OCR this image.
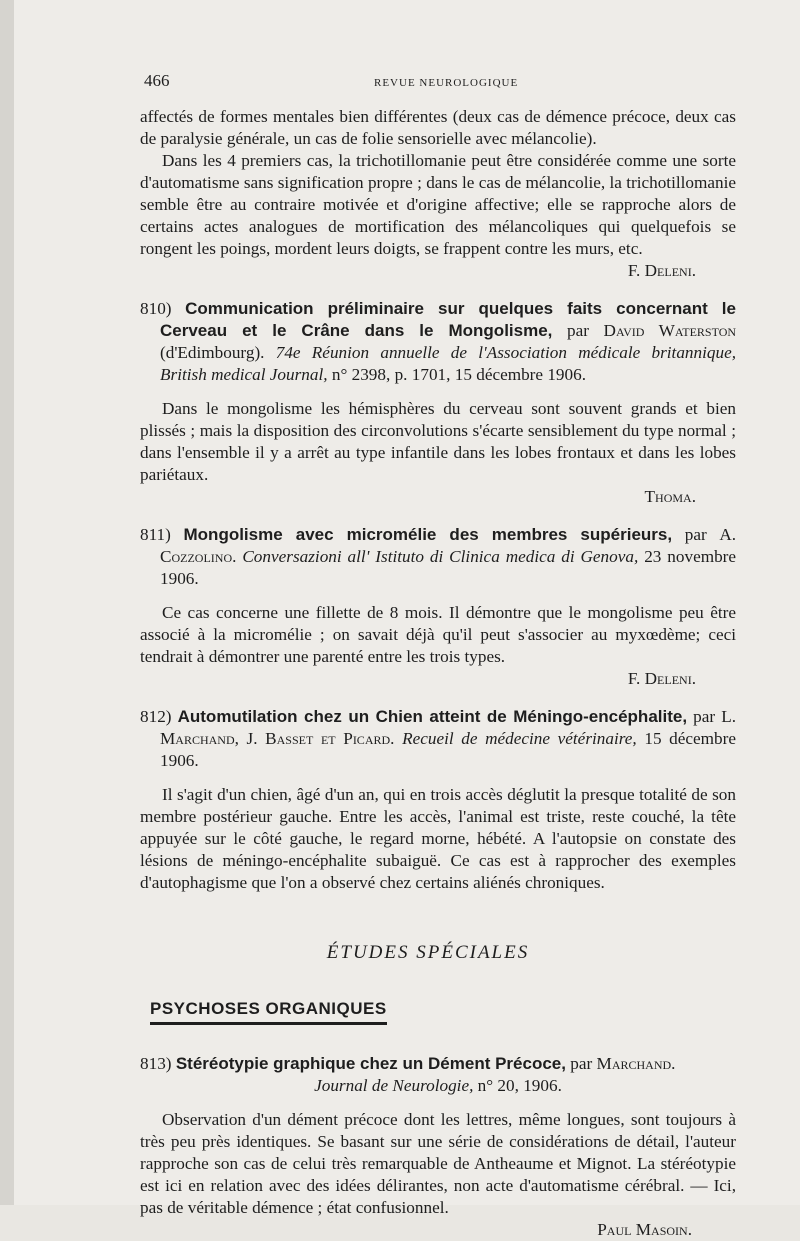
466	REVUE NEUROLOGIQUE

affectés de formes mentales bien différentes (deux cas de démence précoce, deux cas de paralysie générale, un cas de folie sensorielle avec mélancolie).

Dans les 4 premiers cas, la trichotillomanie peut être considérée comme une sorte d'automatisme sans signification propre ; dans le cas de mélancolie, la trichotillomanie semble être au contraire motivée et d'origine affective; elle se rapproche alors de certains actes analogues de mortification des mélancoliques qui quelquefois se rongent les poings, mordent leurs doigts, se frappent contre les murs, etc.

F. Deleni.

810) Communication préliminaire sur quelques faits concernant le Cerveau et le Crâne dans le Mongolisme, par David Waterston (d'Edimbourg). 74e Réunion annuelle de l'Association médicale britannique, British medical Journal, n° 2398, p. 1701, 15 décembre 1906.

Dans le mongolisme les hémisphères du cerveau sont souvent grands et bien plissés ; mais la disposition des circonvolutions s'écarte sensiblement du type normal ; dans l'ensemble il y a arrêt au type infantile dans les lobes frontaux et dans les lobes pariétaux.

Thoma.

811) Mongolisme avec micromélie des membres supérieurs, par A. Cozzolino. Conversazioni all' Istituto di Clinica medica di Genova, 23 novembre 1906.

Ce cas concerne une fillette de 8 mois. Il démontre que le mongolisme peu être associé à la micromélie ; on savait déjà qu'il peut s'associer au myxœdème; ceci tendrait à démontrer une parenté entre les trois types.

F. Deleni.

812) Automutilation chez un Chien atteint de Méningo-encéphalite, par L. Marchand, J. Basset et Picard. Recueil de médecine vétérinaire, 15 décembre 1906.

Il s'agit d'un chien, âgé d'un an, qui en trois accès déglutit la presque totalité de son membre postérieur gauche. Entre les accès, l'animal est triste, reste couché, la tête appuyée sur le côté gauche, le regard morne, hébété. A l'autopsie on constate des lésions de méningo-encéphalite subaiguë. Ce cas est à rapprocher des exemples d'autophagisme que l'on a observé chez certains aliénés chroniques.

ÉTUDES SPÉCIALES
PSYCHOSES ORGANIQUES

813) Stéréotypie graphique chez un Dément Précoce, par Marchand.

Journal de Neurologie, n° 20, 1906.

Observation d'un dément précoce dont les lettres, même longues, sont toujours à très peu près identiques. Se basant sur une série de considérations de détail, l'auteur rapproche son cas de celui très remarquable de Antheaume et Mignot. La stéréotypie est ici en relation avec des idées délirantes, non acte d'automatisme cérébral. — Ici, pas de véritable démence ; état confusionnel.

Paul Masoin.
